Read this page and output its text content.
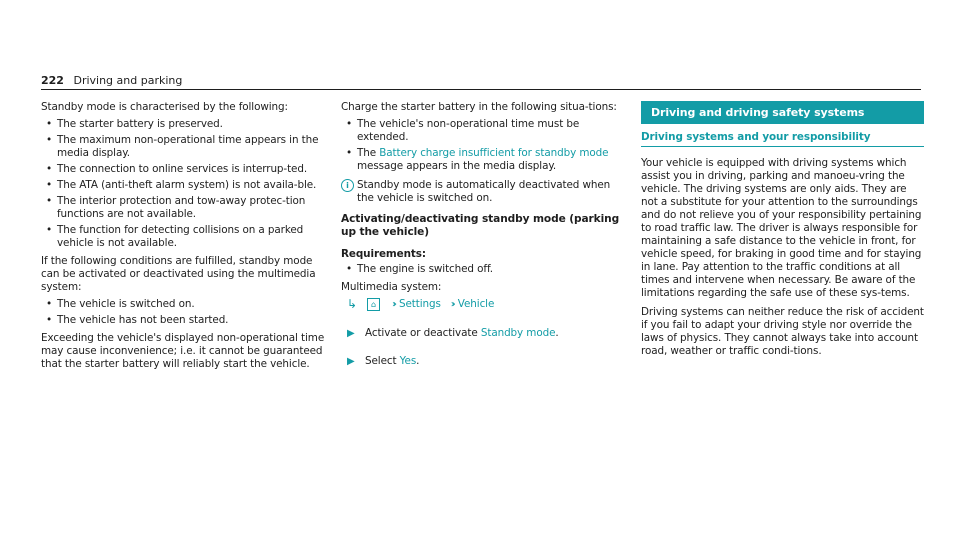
222 Driving and parking

Standby mode is characterised by the following:

• The starter battery is preserved.
• The maximum non-operational time appears in the media display.
• The connection to online services is interrup-ted.
• The ATA (anti-theft alarm system) is not availa-ble.
• The interior protection and tow-away protec-tion functions are not available.
• The function for detecting collisions on a parked vehicle is not available.

If the following conditions are fulfilled, standby mode can be activated or deactivated using the multimedia system:

• The vehicle is switched on.
• The vehicle has not been started.

Exceeding the vehicle's displayed non-operational time may cause inconvenience; i.e. it cannot be guaranteed that the starter battery will reliably start the vehicle.

Charge the starter battery in the following situa-tions:

• The vehicle's non-operational time must be extended.
• The Battery charge insufficient for standby mode message appears in the media display.
i Standby mode is automatically deactivated when the vehicle is switched on.
Activating/deactivating standby mode (parking up the vehicle)
Requirements:
• The engine is switched off.

Multimedia system:

↳	⌂	›› Settings ›› Vehicle
▶ Activate or deactivate Standby mode.
▶ Select Yes.
Driving and driving safety systems
Driving systems and your responsibility

Your vehicle is equipped with driving systems which assist you in driving, parking and manoeu-vring the vehicle. The driving systems are only aids. They are not a substitute for your attention to the surroundings and do not relieve you of your responsibility pertaining to road traffic law. The driver is always responsible for maintaining a safe distance to the vehicle in front, for vehicle speed, for braking in good time and for staying in lane. Pay attention to the traffic conditions at all times and intervene when necessary. Be aware of the limitations regarding the safe use of these sys-tems.

Driving systems can neither reduce the risk of accident if you fail to adapt your driving style nor override the laws of physics. They cannot always take into account road, weather or traffic condi-tions.
